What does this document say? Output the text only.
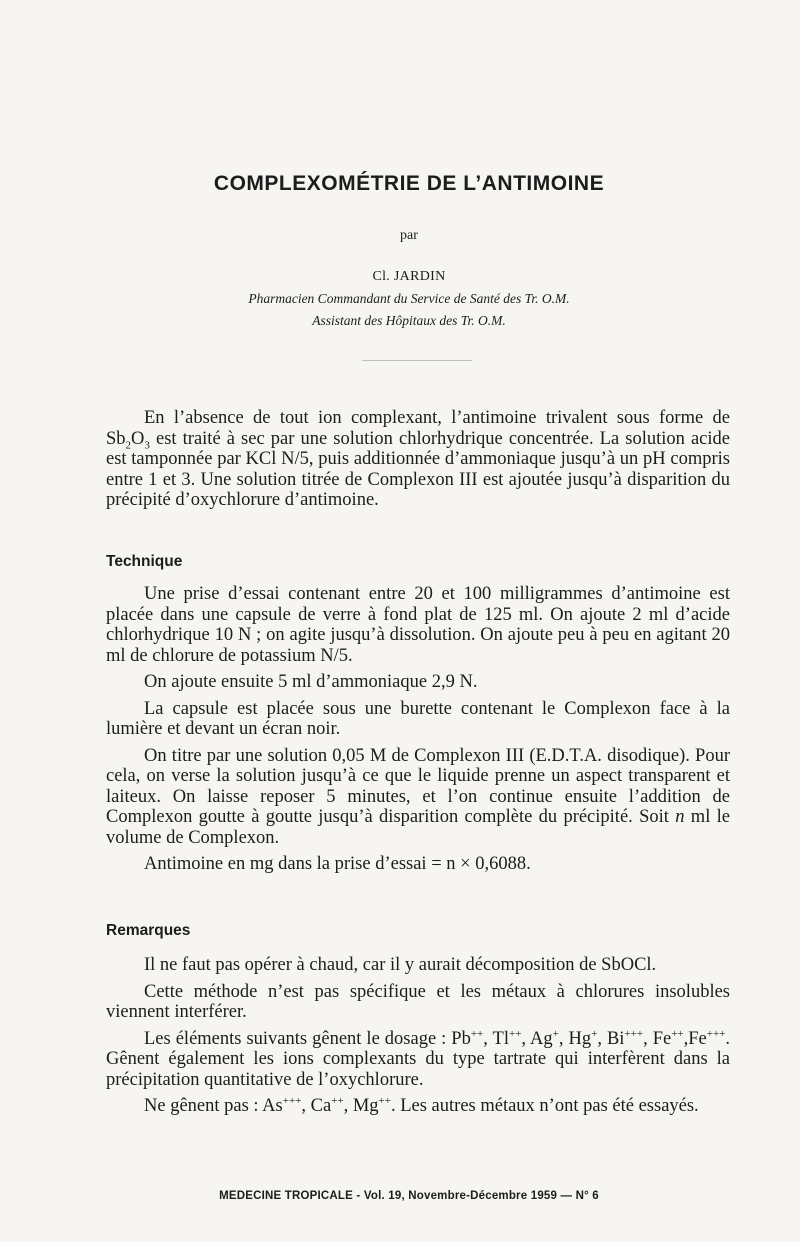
COMPLEXOMÉTRIE DE L’ANTIMOINE
par
Cl. JARDIN
Pharmacien Commandant du Service de Santé des Tr. O.M.
Assistant des Hôpitaux des Tr. O.M.

En l’absence de tout ion complexant, l’antimoine trivalent sous forme de $Sb_2O_3$ est traité à sec par une solution chlorhydrique concentrée. La solution acide est tamponnée par KCl N/5, puis additionnée d’ammoniaque jusqu’à un pH compris entre 1 et 3. Une solution titrée de Complexon III est ajoutée jusqu’à disparition du précipité d’oxychlorure d’antimoine.

Technique

Une prise d’essai contenant entre 20 et 100 milligrammes d’antimoine est placée dans une capsule de verre à fond plat de 125 ml. On ajoute 2 ml d’acide chlorhydrique 10 N ; on agite jusqu’à dissolution. On ajoute peu à peu en agitant 20 ml de chlorure de potassium N/5.

On ajoute ensuite 5 ml d’ammoniaque 2,9 N.

La capsule est placée sous une burette contenant le Complexon face à la lumière et devant un écran noir.

On titre par une solution 0,05 M de Complexon III (E.D.T.A. disodique). Pour cela, on verse la solution jusqu’à ce que le liquide prenne un aspect transparent et laiteux. On laisse reposer 5 minutes, et l’on continue ensuite l’addition de Complexon goutte à goutte jusqu’à disparition complète du précipité. Soit n ml le volume de Complexon.

Antimoine en mg dans la prise d’essai = n × 0,6088.

Remarques

Il ne faut pas opérer à chaud, car il y aurait décomposition de SbOCl.

Cette méthode n’est pas spécifique et les métaux à chlorures insolubles viennent interférer.

Les éléments suivants gênent le dosage : Pb++, Tl++, Ag+, Hg+, Bi+++, Fe++,Fe+++. Gênent également les ions complexants du type tartrate qui interfèrent dans la précipitation quantitative de l’oxychlorure.

Ne gênent pas : As+++, Ca++, Mg++. Les autres métaux n’ont pas été essayés.

MEDECINE TROPICALE - Vol. 19, Novembre-Décembre 1959 — N° 6
